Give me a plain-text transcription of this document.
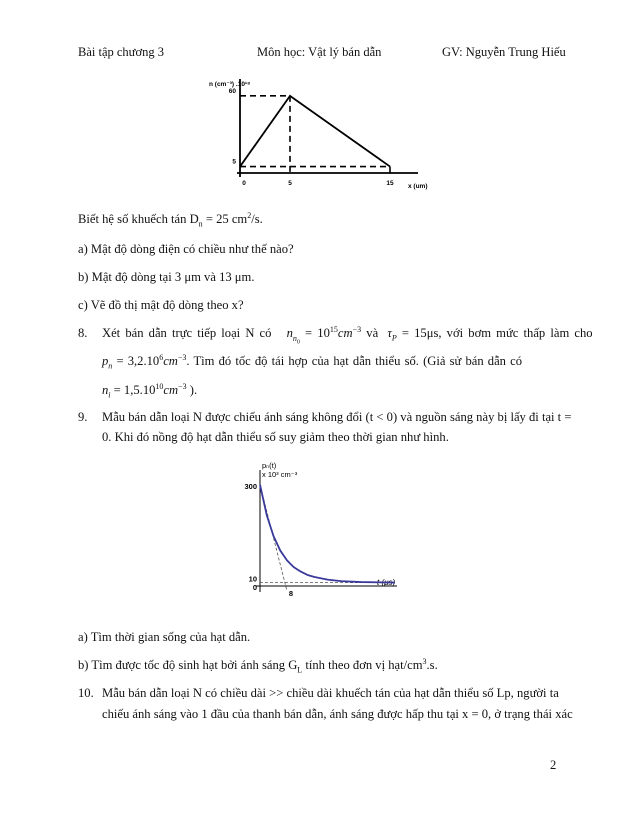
Bài tập chương 3	Môn học: Vật lý bán dẫn	GV: Nguyễn Trung Hiếu
n (cm⁻³) .10¹⁸
x (um)
60
5
0	5	15
Biết hệ số khuếch tán $D_n = 25$ $cm^2/s$.
a) Mật độ dòng điện có chiều như thế nào?
b) Mật độ dòng tại 3 μm và 13 μm.
c) Vẽ đồ thị mật độ dòng theo x?
8. Xét bán dẫn trực tiếp loại N có $n_{n_0} = 10^{15}cm^{-3}$ và $\tau_P = 15\mu s$, với bơm mức thấp làm cho
$p_n = 3,2.10^6cm^{-3}$. Tìm đó tốc độ tái hợp của hạt dẫn thiểu số. (Giả sử bán dẫn có
$n_i = 1,5.10^{10}cm^{-3}$ ).
9. Mẫu bán dẫn loại N được chiếu ánh sáng không đổi (t < 0) và nguồn sáng này bị lấy đi tại t =
0. Khi đó nồng độ hạt dẫn thiểu số suy giảm theo thời gian như hình.
pₙ(t)
x 10³ cm⁻³
t (μs)
300
10
0
8
a) Tìm thời gian sống của hạt dẫn.
b) Tìm được tốc độ sinh hạt bởi ánh sáng $G_L$ tính theo đơn vị hạt/$cm^3.s$.
10. Mẫu bán dẫn loại N có chiều dài >> chiều dài khuếch tán của hạt dẫn thiểu số Lp, người ta
chiếu ánh sáng vào 1 đầu của thanh bán dẫn, ánh sáng được hấp thu tại x = 0, ở trạng thái xác
2
